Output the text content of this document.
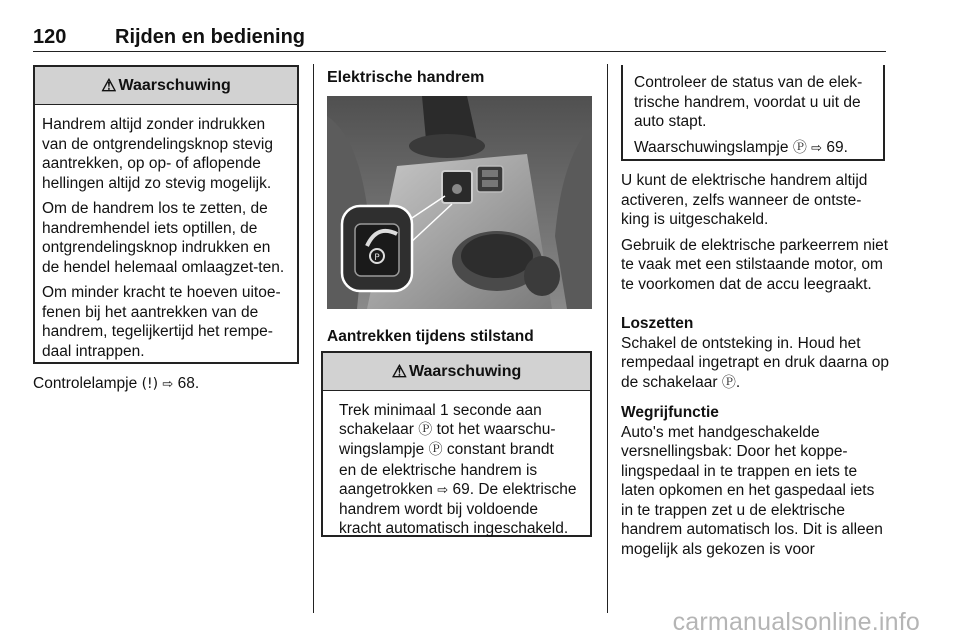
120 Rijden en bediening
⚠ Waarschuwing

Handrem altijd zonder indrukken van de ontgrendelingsknop stevig aantrekken, op op- of aflopende hellingen altijd zo stevig mogelijk.

Om de handrem los te zetten, de handremhendel iets optillen, de ontgrendelingsknop indrukken en de hendel helemaal omlaagzet-ten.

Om minder kracht te hoeven uitoe-fenen bij het aantrekken van de handrem, tegelijkertijd het rempe-daal intrappen.

Controlelampje (!) ⇨ 68.
Elektrische handrem
P
Aantrekken tijdens stilstand
⚠ Waarschuwing
Trek minimaal 1 seconde aan
schakelaar Ⓟ tot het waarschu-
wingslampje Ⓟ constant brandt
en de elektrische handrem is
aangetrokken ⇨ 69. De elektrische
handrem wordt bij voldoende
kracht automatisch ingeschakeld.

Controleer de status van de elek-trische handrem, voordat u uit de auto stapt.

Waarschuwingslampje Ⓟ ⇨ 69.

U kunt de elektrische handrem altijd activeren, zelfs wanneer de ontste-king is uitgeschakeld.

Gebruik de elektrische parkeerrem niet te vaak met een stilstaande motor, om te voorkomen dat de accu leegraakt.

Loszetten
Schakel de ontsteking in. Houd het rempedaal ingetrapt en druk daarna op de schakelaar Ⓟ.
Wegrijfunctie
Auto's met handgeschakelde versnellingsbak: Door het koppe-lingspedaal in te trappen en iets te laten opkomen en het gaspedaal iets in te trappen zet u de elektrische handrem automatisch los. Dit is alleen mogelijk als gekozen is voor
carmanualsonline.info
